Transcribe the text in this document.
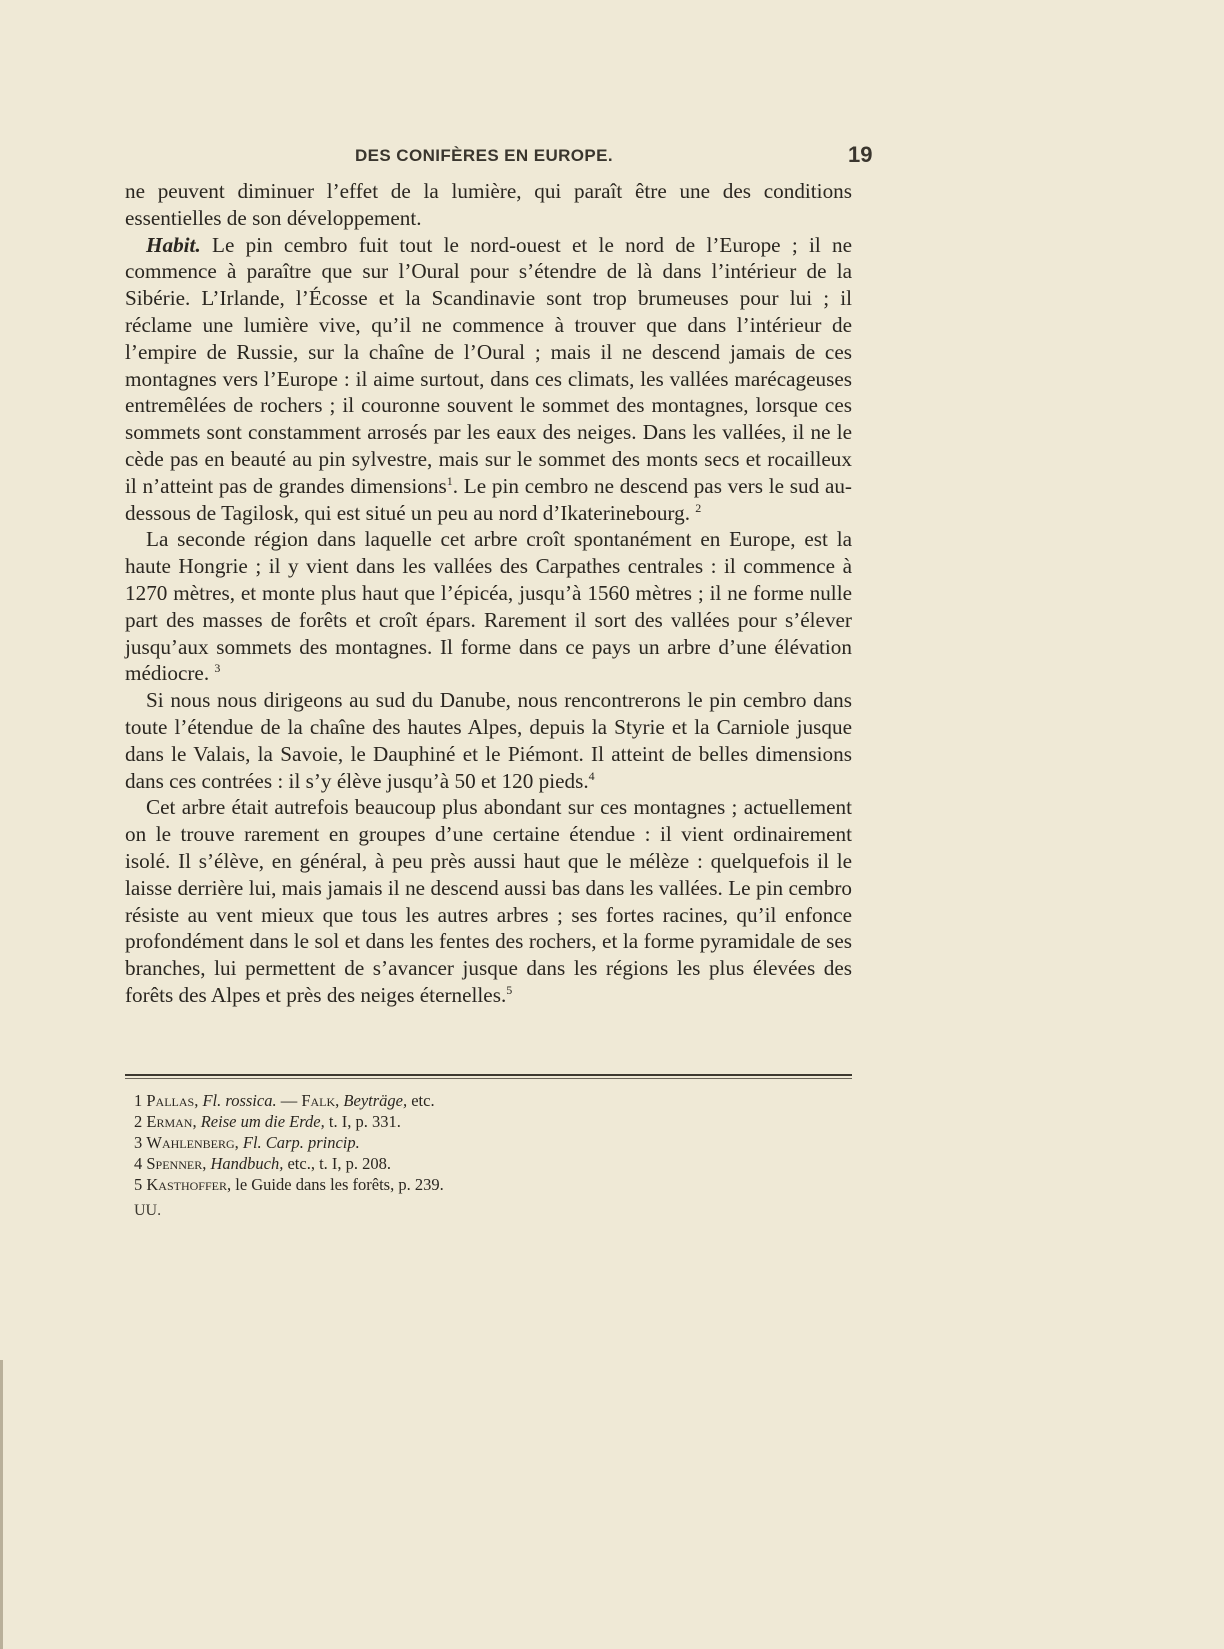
DES CONIFÈRES EN EUROPE.	19

ne peuvent diminuer l’effet de la lumière, qui paraît être une des conditions essentielles de son développement.

Habit. Le pin cembro fuit tout le nord-ouest et le nord de l’Europe ; il ne commence à paraître que sur l’Oural pour s’étendre de là dans l’intérieur de la Sibérie. L’Irlande, l’Écosse et la Scandinavie sont trop brumeuses pour lui ; il réclame une lumière vive, qu’il ne commence à trouver que dans l’intérieur de l’empire de Russie, sur la chaîne de l’Oural ; mais il ne descend jamais de ces montagnes vers l’Europe : il aime surtout, dans ces climats, les vallées marécageuses entremêlées de rochers ; il couronne souvent le sommet des montagnes, lorsque ces sommets sont constamment arrosés par les eaux des neiges. Dans les vallées, il ne le cède pas en beauté au pin sylvestre, mais sur le sommet des monts secs et rocailleux il n’atteint pas de grandes dimensions$^1$. Le pin cembro ne descend pas vers le sud au-dessous de Tagilosk, qui est situé un peu au nord d’Ikaterinebourg. $^2$

La seconde région dans laquelle cet arbre croît spontanément en Europe, est la haute Hongrie ; il y vient dans les vallées des Carpathes centrales : il commence à 1270 mètres, et monte plus haut que l’épicéa, jusqu’à 1560 mètres ; il ne forme nulle part des masses de forêts et croît épars. Rarement il sort des vallées pour s’élever jusqu’aux sommets des montagnes. Il forme dans ce pays un arbre d’une élévation médiocre. $^3$

Si nous nous dirigeons au sud du Danube, nous rencontrerons le pin cembro dans toute l’étendue de la chaîne des hautes Alpes, depuis la Styrie et la Carniole jusque dans le Valais, la Savoie, le Dauphiné et le Piémont. Il atteint de belles dimensions dans ces contrées : il s’y élève jusqu’à 50 et 120 pieds.$^4$

Cet arbre était autrefois beaucoup plus abondant sur ces montagnes ; actuellement on le trouve rarement en groupes d’une certaine étendue : il vient ordinairement isolé. Il s’élève, en général, à peu près aussi haut que le mélèze : quelquefois il le laisse derrière lui, mais jamais il ne descend aussi bas dans les vallées. Le pin cembro résiste au vent mieux que tous les autres arbres ; ses fortes racines, qu’il enfonce profondément dans le sol et dans les fentes des rochers, et la forme pyramidale de ses branches, lui permettent de s’avancer jusque dans les régions les plus élevées des forêts des Alpes et près des neiges éternelles.$^5$

1 Pallas, Fl. rossica. — Falk, Beyträge, etc.
2 Erman, Reise um die Erde, t. I, p. 331.
3 Wahlenberg, Fl. Carp. princip.
4 Spenner, Handbuch, etc., t. I, p. 208.
5 Kasthoffer, le Guide dans les forêts, p. 239.
UU.
